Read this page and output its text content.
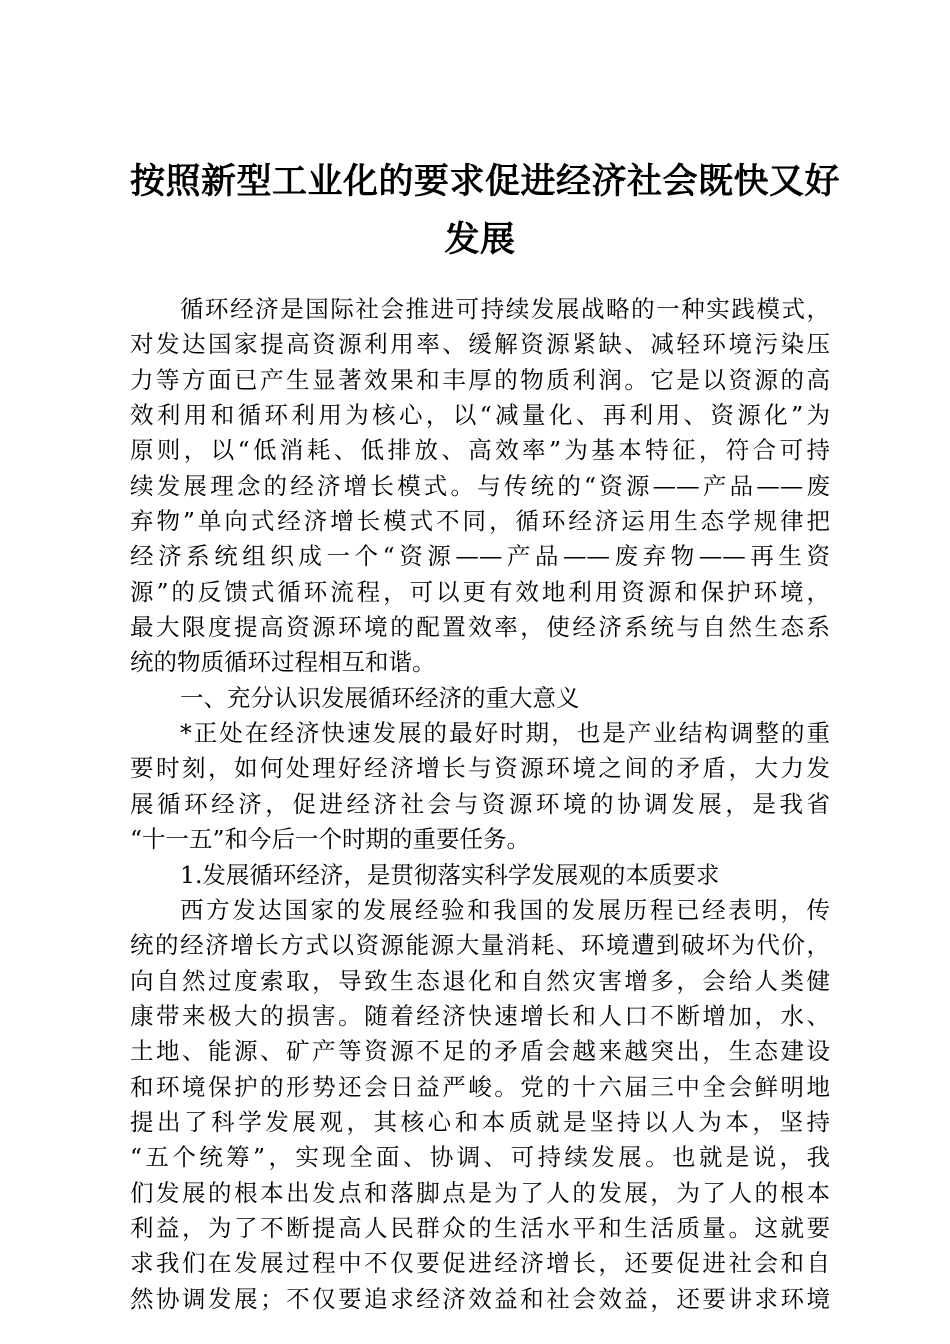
按照新型工业化的要求促进经济社会既快又好
发展
循环经济是国际社会推进可持续发展战略的一种实践模式，
对发达国家提高资源利用率、缓解资源紧缺、减轻环境污染压
力等方面已产生显著效果和丰厚的物质利润。它是以资源的高
效利用和循环利用为核心，以“减量化、再利用、资源化”为
原则，以“低消耗、低排放、高效率”为基本特征，符合可持
续发展理念的经济增长模式。与传统的“资源——产品——废
弃物”单向式经济增长模式不同，循环经济运用生态学规律把
经济系统组织成一个“资源——产品——废弃物——再生资
源”的反馈式循环流程，可以更有效地利用资源和保护环境，
最大限度提高资源环境的配置效率，使经济系统与自然生态系
统的物质循环过程相互和谐。
一、充分认识发展循环经济的重大意义
*正处在经济快速发展的最好时期，也是产业结构调整的重
要时刻，如何处理好经济增长与资源环境之间的矛盾，大力发
展循环经济，促进经济社会与资源环境的协调发展，是我省
“十一五”和今后一个时期的重要任务。
1.发展循环经济，是贯彻落实科学发展观的本质要求
西方发达国家的发展经验和我国的发展历程已经表明，传
统的经济增长方式以资源能源大量消耗、环境遭到破坏为代价，
向自然过度索取，导致生态退化和自然灾害增多，会给人类健
康带来极大的损害。随着经济快速增长和人口不断增加，水、
土地、能源、矿产等资源不足的矛盾会越来越突出，生态建设
和环境保护的形势还会日益严峻。党的十六届三中全会鲜明地
提出了科学发展观，其核心和本质就是坚持以人为本，坚持
“五个统筹”，实现全面、协调、可持续发展。也就是说，我
们发展的根本出发点和落脚点是为了人的发展，为了人的根本
利益，为了不断提高人民群众的生活水平和生活质量。这就要
求我们在发展过程中不仅要促进经济增长，还要促进社会和自
然协调发展；不仅要追求经济效益和社会效益，还要讲求环境
